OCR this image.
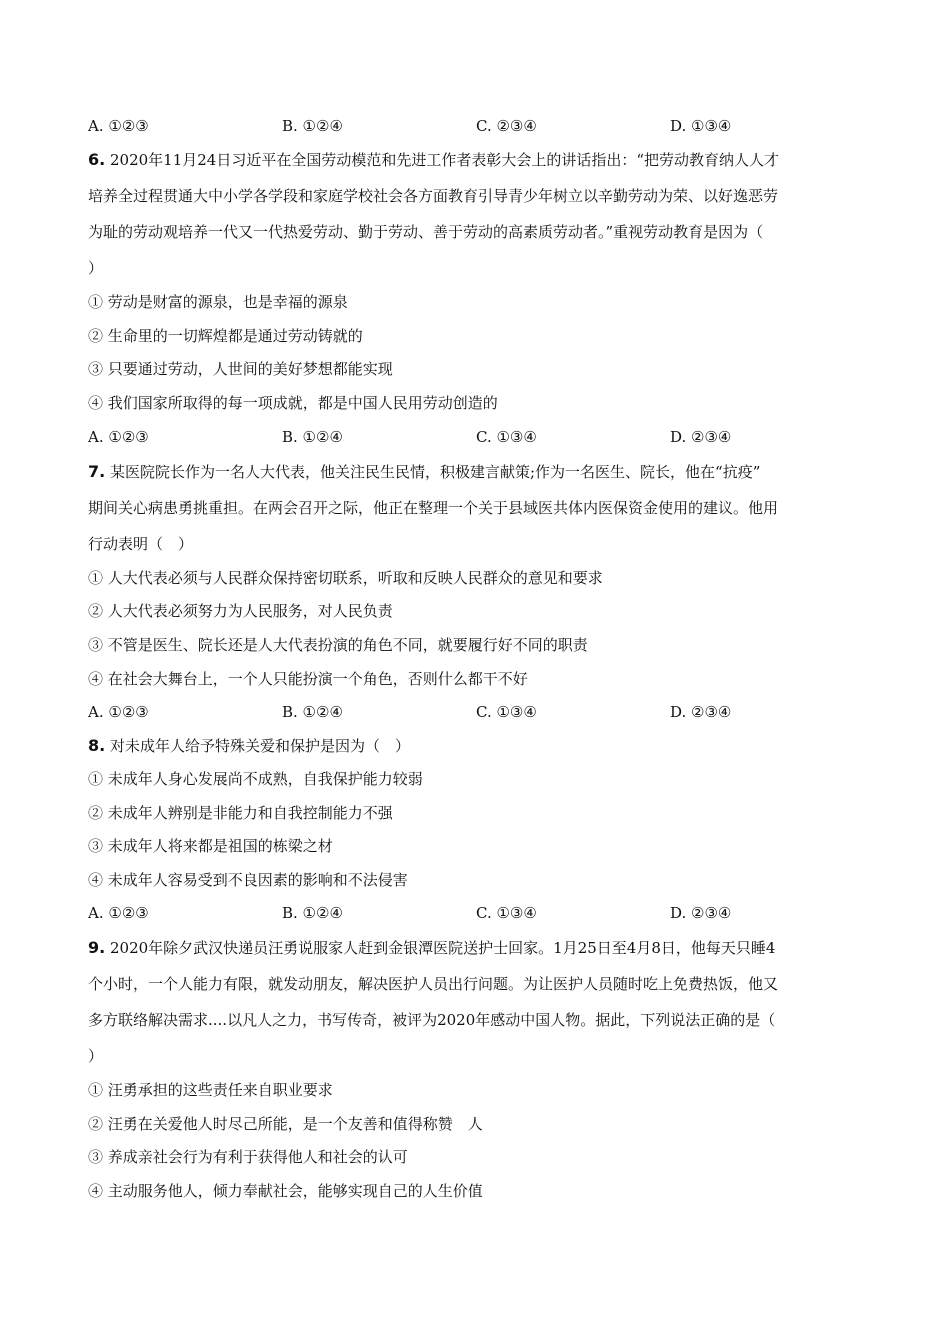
A. ①②③	B. ①②④	C. ②③④	D. ①③④
6. 2020年11月24日习近平在全国劳动模范和先进工作者表彰大会上的讲话指出：“把劳动教育纳人人才
培养全过程贯通大中小学各学段和家庭学校社会各方面教育引导青少年树立以辛勤劳动为荣、以好逸恶劳
为耻的劳动观培养一代又一代热爱劳动、勤于劳动、善于劳动的高素质劳动者。”重视劳动教育是因为（
）
① 劳动是财富的源泉，也是幸福的源泉
② 生命里的一切辉煌都是通过劳动铸就的
③ 只要通过劳动，人世间的美好梦想都能实现
④ 我们国家所取得的每一项成就，都是中国人民用劳动创造的
A. ①②③	B. ①②④	C. ①③④	D. ②③④
7. 某医院院长作为一名人大代表，他关注民生民情，积极建言献策;作为一名医生、院长，他在“抗疫”
期间关心病患勇挑重担。在两会召开之际，他正在整理一个关于县域医共体内医保资金使用的建议。他用
行动表明（　）
① 人大代表必须与人民群众保持密切联系，听取和反映人民群众的意见和要求
② 人大代表必须努力为人民服务，对人民负责
③ 不管是医生、院长还是人大代表扮演的角色不同，就要履行好不同的职责
④ 在社会大舞台上，一个人只能扮演一个角色，否则什么都干不好
A. ①②③	B. ①②④	C. ①③④	D. ②③④
8. 对未成年人给予特殊关爱和保护是因为（　）
① 未成年人身心发展尚不成熟，自我保护能力较弱
② 未成年人辨别是非能力和自我控制能力不强
③ 未成年人将来都是祖国的栋梁之材
④ 未成年人容易受到不良因素的影响和不法侵害
A. ①②③	B. ①②④	C. ①③④	D. ②③④
9. 2020年除夕武汉快递员汪勇说服家人赶到金银潭医院送护士回家。1月25日至4月8日，他每天只睡4
个小时，一个人能力有限，就发动朋友，解决医护人员出行问题。为让医护人员随时吃上免费热饭，他又
多方联络解决需求....以凡人之力，书写传奇，被评为2020年感动中国人物。据此，下列说法正确的是（
）
① 汪勇承担的这些责任来自职业要求
② 汪勇在关爱他人时尽己所能，是一个友善和值得称赞　人
③ 养成亲社会行为有利于获得他人和社会的认可
④ 主动服务他人，倾力奉献社会，能够实现自己的人生价值
